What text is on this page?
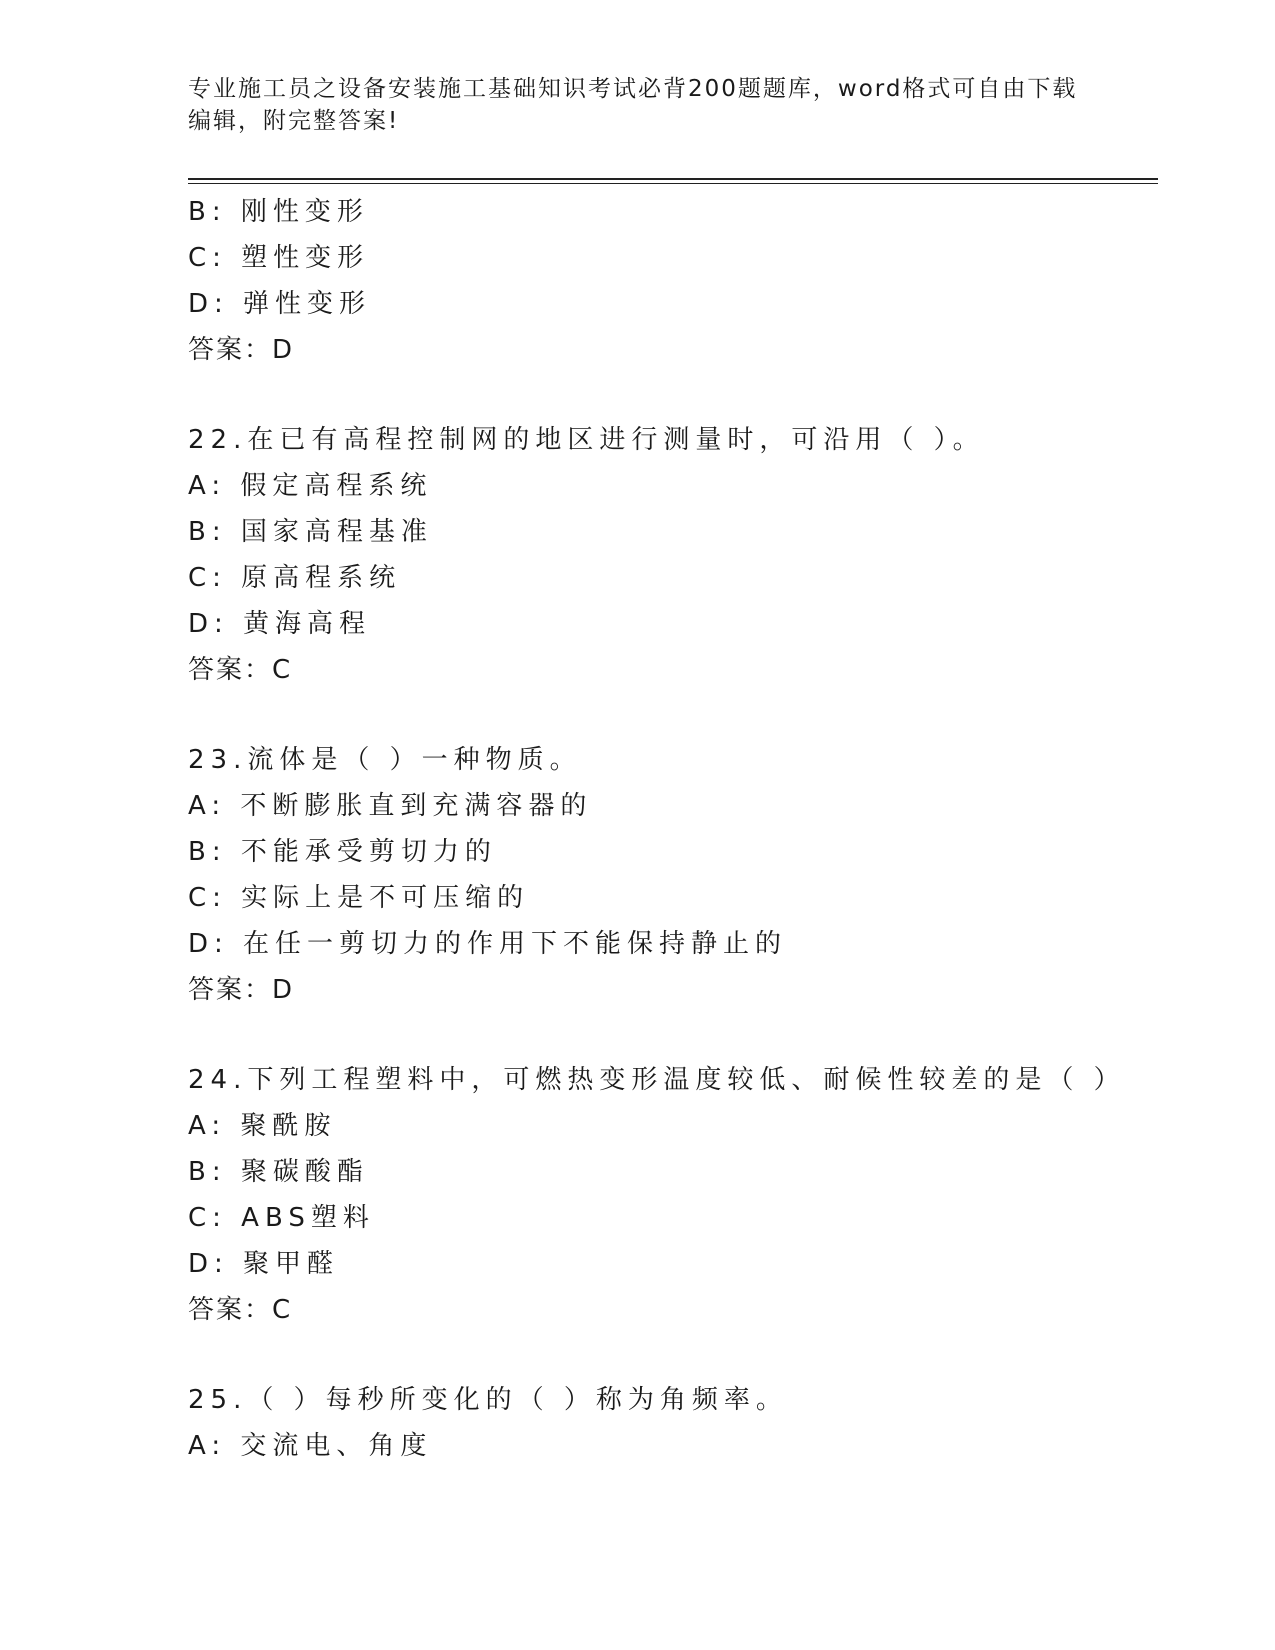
专业施工员之设备安装施工基础知识考试必背200题题库，word格式可自由下载
编辑，附完整答案!
B: 刚性变形
C: 塑性变形
D: 弹性变形
答案：D
22.在已有高程控制网的地区进行测量时，可沿用（ ）。
A: 假定高程系统
B: 国家高程基准
C: 原高程系统
D: 黄海高程
答案：C
23.流体是（ ）一种物质。
A: 不断膨胀直到充满容器的
B: 不能承受剪切力的
C: 实际上是不可压缩的
D: 在任一剪切力的作用下不能保持静止的
答案：D
24.下列工程塑料中，可燃热变形温度较低、耐候性较差的是（ ）
A: 聚酰胺
B: 聚碳酸酯
C: ABS塑料
D: 聚甲醛
答案：C
25.（ ）每秒所变化的（ ）称为角频率。
A: 交流电、角度
